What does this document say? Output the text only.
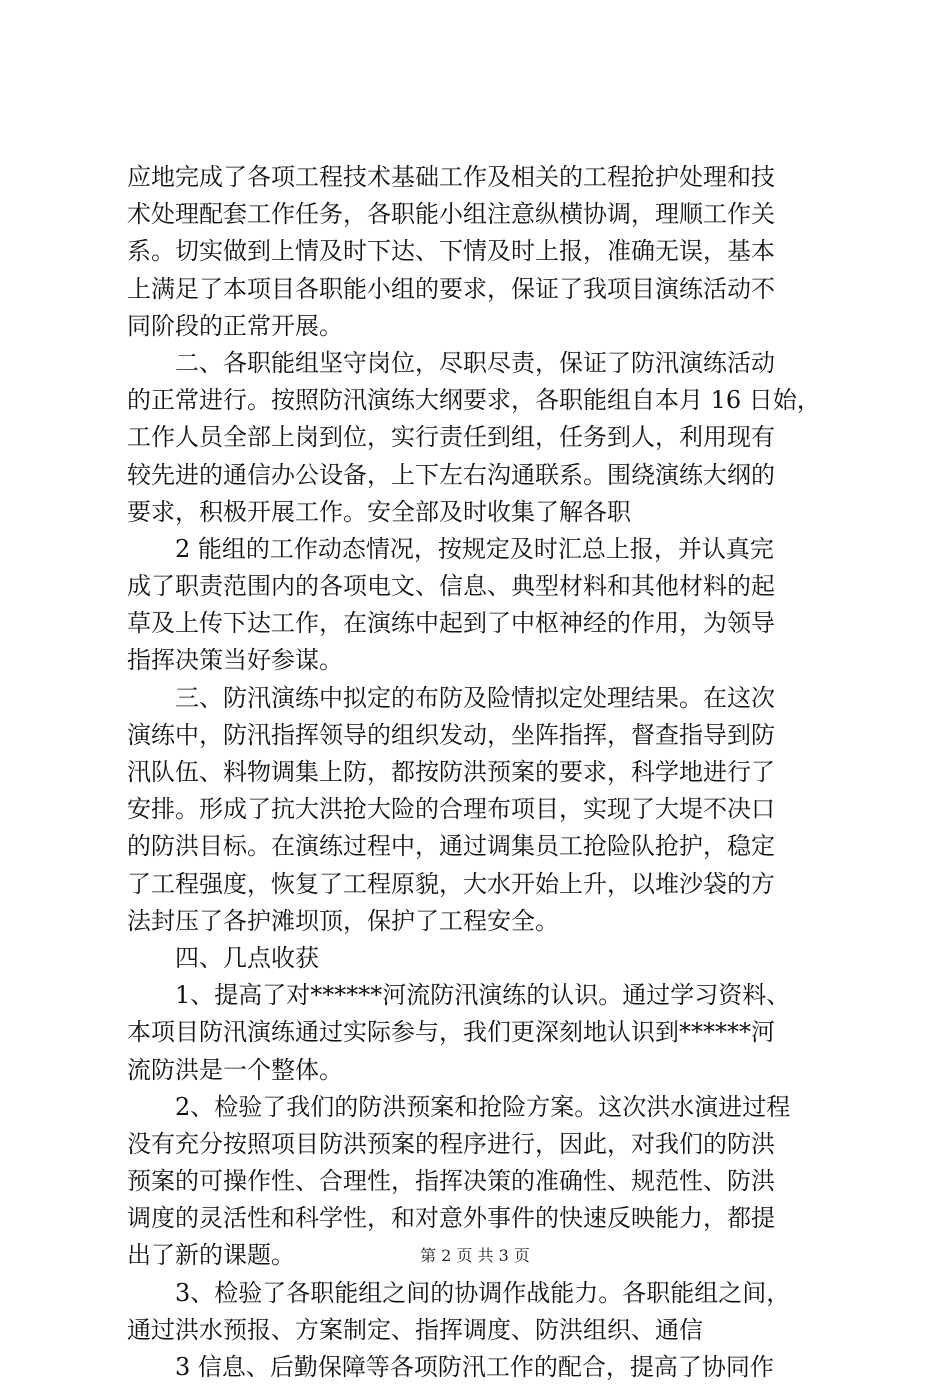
应地完成了各项工程技术基础工作及相关的工程抢护处理和技
术处理配套工作任务，各职能小组注意纵横协调，理顺工作关
系。切实做到上情及时下达、下情及时上报，准确无误，基本
上满足了本项目各职能小组的要求，保证了我项目演练活动不
同阶段的正常开展。
　　二、各职能组坚守岗位，尽职尽责，保证了防汛演练活动
的正常进行。按照防汛演练大纲要求，各职能组自本月 16 日始，
工作人员全部上岗到位，实行责任到组，任务到人，利用现有
较先进的通信办公设备，上下左右沟通联系。围绕演练大纲的
要求，积极开展工作。安全部及时收集了解各职
　　2 能组的工作动态情况，按规定及时汇总上报，并认真完
成了职责范围内的各项电文、信息、典型材料和其他材料的起
草及上传下达工作，在演练中起到了中枢神经的作用，为领导
指挥决策当好参谋。
　　三、防汛演练中拟定的布防及险情拟定处理结果。在这次
演练中，防汛指挥领导的组织发动，坐阵指挥，督查指导到防
汛队伍、料物调集上防，都按防洪预案的要求，科学地进行了
安排。形成了抗大洪抢大险的合理布项目，实现了大堤不决口
的防洪目标。在演练过程中，通过调集员工抢险队抢护，稳定
了工程强度，恢复了工程原貌，大水开始上升，以堆沙袋的方
法封压了各护滩坝顶，保护了工程安全。
　　四、几点收获
　　1、提高了对******河流防汛演练的认识。通过学习资料、
本项目防汛演练通过实际参与，我们更深刻地认识到******河
流防洪是一个整体。
　　2、检验了我们的防洪预案和抢险方案。这次洪水演进过程
没有充分按照项目防洪预案的程序进行，因此，对我们的防洪
预案的可操作性、合理性，指挥决策的准确性、规范性、防洪
调度的灵活性和科学性，和对意外事件的快速反映能力，都提
出了新的课题。
　　3、检验了各职能组之间的协调作战能力。各职能组之间，
通过洪水预报、方案制定、指挥调度、防洪组织、通信
　　3 信息、后勤保障等各项防汛工作的配合，提高了协同作
第 2 页 共 3 页
